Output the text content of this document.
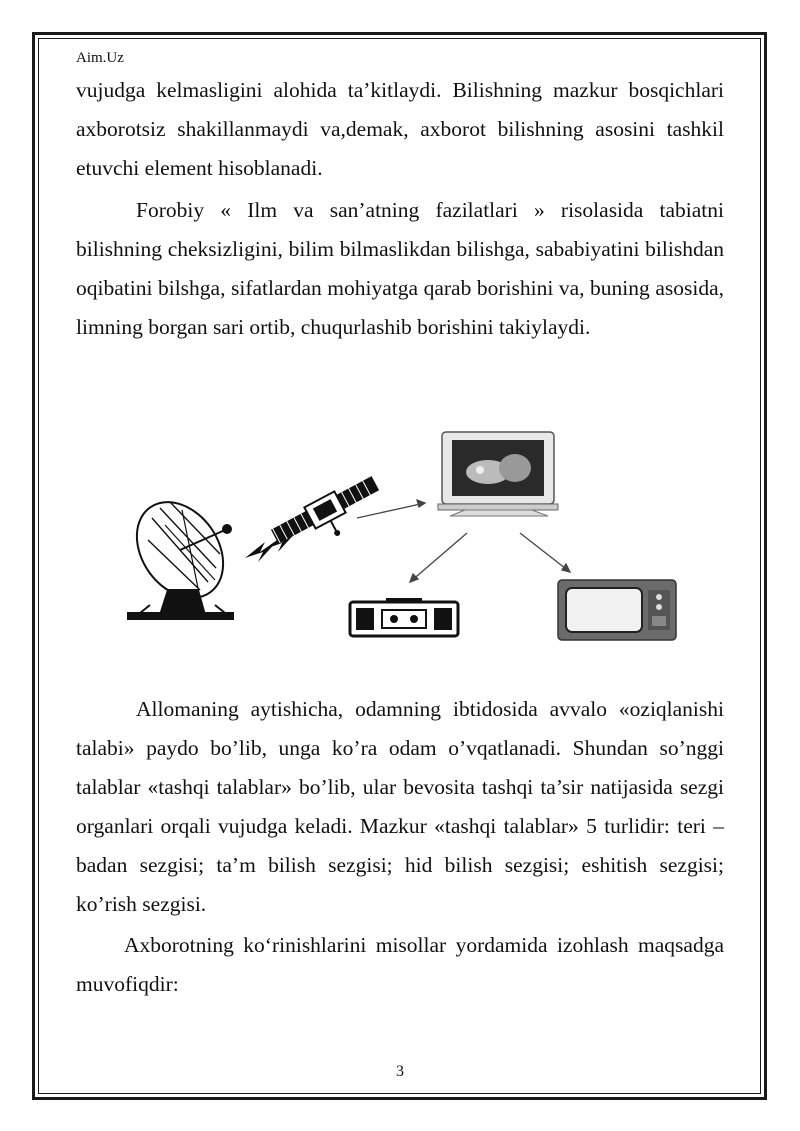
Aim.Uz

vujudga kelmasligini alohida ta’kitlaydi. Bilishning mazkur bosqichlari axborotsiz shakillanmaydi va,demak, axborot bilishning asosini tashkil etuvchi element hisoblanadi.

Forobiy « Ilm va san’atning fazilatlari » risolasida tabiatni bilishning cheksizligini, bilim bilmaslikdan bilishga, sababiyatini bilishdan oqibatini bilshga, sifatlardan mohiyatga qarab borishini va, buning asosida, limning borgan sari ortib, chuqurlashib borishini takiylaydi.

Allomaning aytishicha, odamning ibtidosida avvalo «oziqlanishi talabi» paydo bo’lib, unga ko’ra odam o’vqatlanadi. Shundan so’nggi talablar «tashqi talablar» bo’lib, ular bevosita tashqi ta’sir natijasida sezgi organlari orqali vujudga keladi. Mazkur «tashqi talablar» 5 turlidir: teri – badan sezgisi; ta’m bilish sezgisi; hid bilish sezgisi; eshitish sezgisi; ko’rish sezgisi.

Axborotning ko‘rinishlarini misollar yordamida izohlash maqsadga muvofiqdir:

3
